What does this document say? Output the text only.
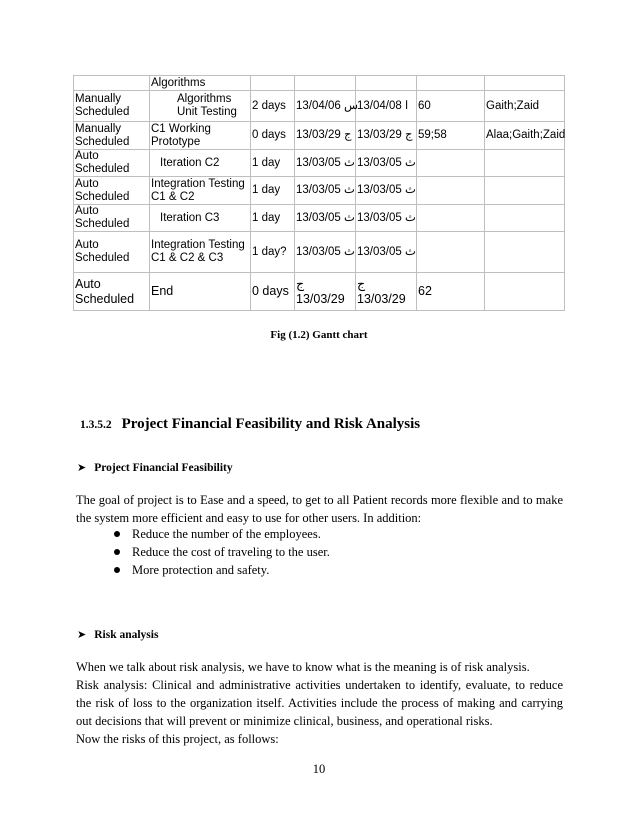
	Algorithms					
Manually Scheduled	Algorithms Unit Testing	2 days	13/04/06 س	13/04/08 ا	60	Gaith;Zaid
Manually Scheduled	C1 Working Prototype	0 days	13/03/29 ج	13/03/29 ج	59;58	Alaa;Gaith;Zaid
Auto Scheduled	Iteration C2	1 day	13/03/05 ث	13/03/05 ث		
Auto Scheduled	Integration Testing C1 & C2	1 day	13/03/05 ث	13/03/05 ث		
Auto Scheduled	Iteration C3	1 day	13/03/05 ث	13/03/05 ث		
Auto Scheduled	Integration Testing C1 & C2 & C3	1 day?	13/03/05 ث	13/03/05 ث		
Auto Scheduled	End	0 days	ج 13/03/29	ج 13/03/29	62	
Fig (1.2) Gantt chart
1.3.5.2 Project Financial Feasibility and Risk Analysis
➤ Project Financial Feasibility

The goal of project is to Ease and a speed, to get to all Patient records more flexible and to make the system more efficient and easy to use for other users. In addition:

Reduce the number of the employees.
Reduce the cost of traveling to the user.
More protection and safety.
➤ Risk analysis

When we talk about risk analysis, we have to know what is the meaning is of risk analysis.

Risk analysis: Clinical and administrative activities undertaken to identify, evaluate, to reduce the risk of loss to the organization itself. Activities include the process of making and carrying out decisions that will prevent or minimize clinical, business, and operational risks.

Now the risks of this project, as follows:

10
